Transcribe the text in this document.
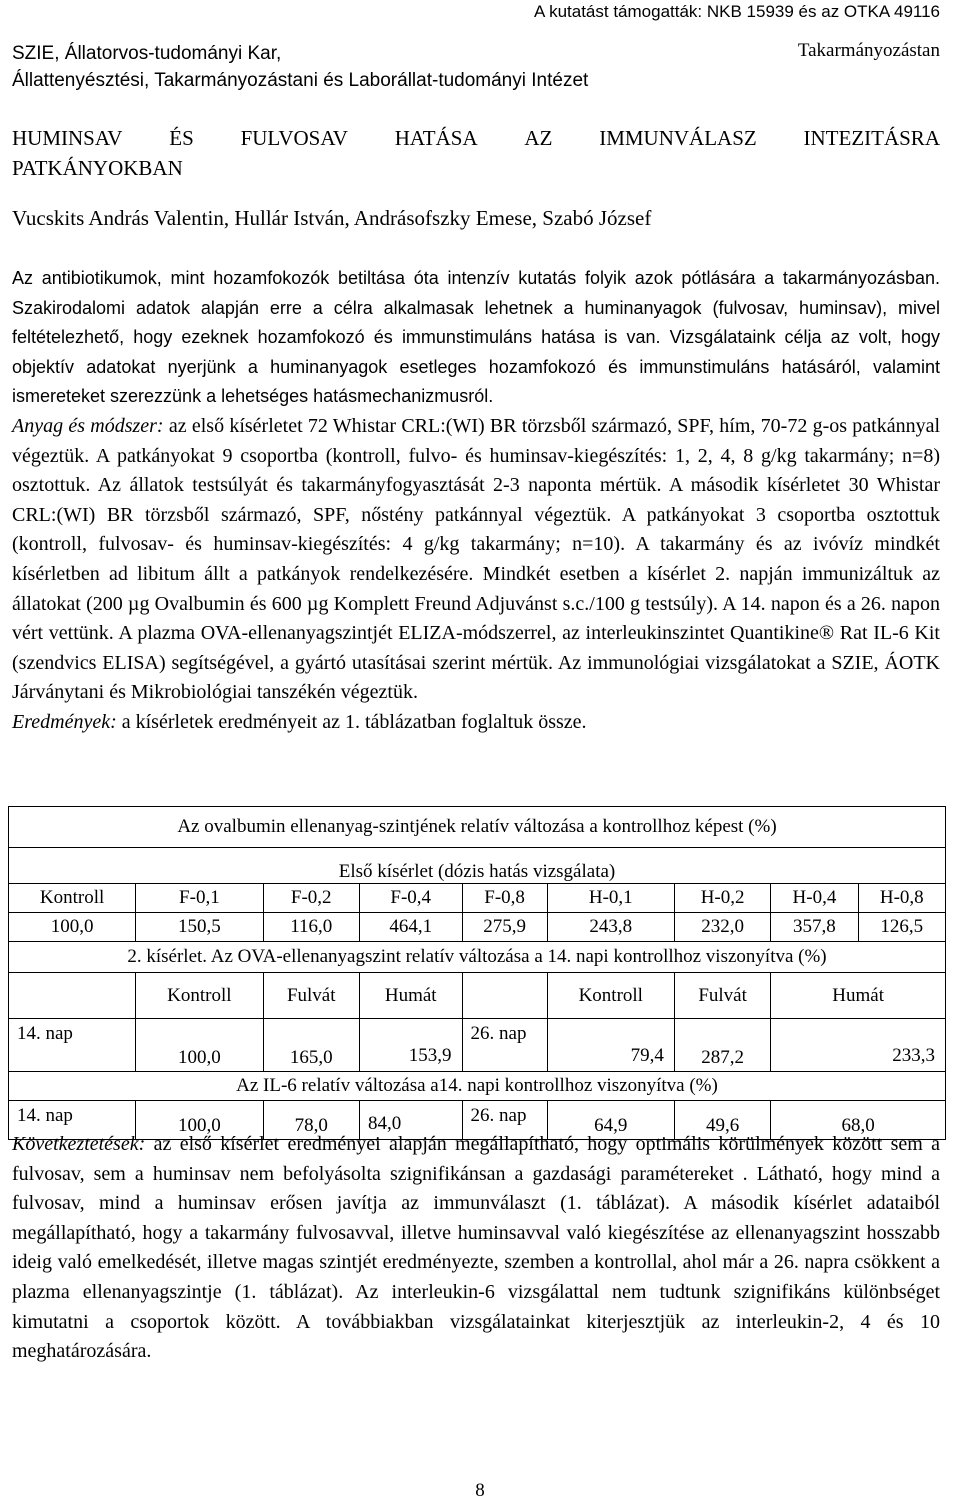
A kutatást támogatták: NKB 15939 és az OTKA 49116
SZIE, Állatorvos-tudományi Kar,
Állattenyésztési, Takarmányozástani és Laborállat-tudományi Intézet
Takarmányozástan
HUMINSAV ÉS FULVOSAV HATÁSA AZ IMMUNVÁLASZ INTEZITÁSRA
PATKÁNYOKBAN
Vucskits András Valentin, Hullár István, Andrásofszky Emese, Szabó József
Az antibiotikumok, mint hozamfokozók betiltása óta intenzív kutatás folyik azok pótlására a takarmányozásban. Szakirodalomi adatok alapján erre a célra alkalmasak lehetnek a huminanyagok (fulvosav, huminsav), mivel feltételezhető, hogy ezeknek hozamfokozó és immunstimuláns hatása is van. Vizsgálataink célja az volt, hogy objektív adatokat nyerjünk a huminanyagok esetleges hozamfokozó és immunstimuláns hatásáról, valamint ismereteket szerezzünk a lehetséges hatásmechanizmusról.
Anyag és módszer: az első kísérletet 72 Whistar CRL:(WI) BR törzsből származó, SPF, hím, 70-72 g-os patkánnyal végeztük. A patkányokat 9 csoportba (kontroll, fulvo- és huminsav-kiegészítés: 1, 2, 4, 8 g/kg takarmány; n=8) osztottuk. Az állatok testsúlyát és takarmányfogyasztását 2-3 naponta mértük. A második kísérletet 30 Whistar CRL:(WI) BR törzsből származó, SPF, nőstény patkánnyal végeztük. A patkányokat 3 csoportba osztottuk (kontroll, fulvosav- és huminsav-kiegészítés: 4 g/kg takarmány; n=10). A takarmány és az ivóvíz mindkét kísérletben ad libitum állt a patkányok rendelkezésére. Mindkét esetben a kísérlet 2. napján immunizáltuk az állatokat (200 µg Ovalbumin és 600 µg Komplett Freund Adjuvánst s.c./100 g testsúly). A 14. napon és a 26. napon vért vettünk. A plazma OVA-ellenanyagszintjét ELIZA-módszerrel, az interleukinszintet Quantikine® Rat IL-6 Kit (szendvics ELISA) segítségével, a gyártó utasításai szerint mértük. Az immunológiai vizsgálatokat a SZIE, ÁOTK Járványtani és Mikrobiológiai tanszékén végeztük.
Eredmények: a kísérletek eredményeit az 1. táblázatban foglaltuk össze.
Az ovalbumin ellenanyag-szintjének relatív változása a kontrollhoz képest (%)								
Első kísérlet (dózis hatás vizsgálata)								
Kontroll	F-0,1	F-0,2	F-0,4	F-0,8	H-0,1	H-0,2	H-0,4	H-0,8
100,0	150,5	116,0	464,1	275,9	243,8	232,0	357,8	126,5
2. kísérlet. Az OVA-ellenanyagszint relatív változása a 14. napi kontrollhoz viszonyítva (%)								
	Kontroll	Fulvát	Humát		Kontroll	Fulvát	Humát	

14. nap	100,0	165,0	153,9	26. nap	79,4	287,2	233,3	

Az IL-6 relatív változása a14. napi kontrollhoz viszonyítva (%)								

14. nap	100,0	78,0	84,0	26. nap	64,9	49,6	68,0	
Következtetések: az első kísérlet eredményei alapján megállapítható, hogy optimális körülmények között sem a fulvosav, sem a huminsav nem befolyásolta szignifikánsan a gazdasági paramétereket . Látható, hogy mind a fulvosav, mind a huminsav erősen javítja az immunválaszt (1. táblázat). A második kísérlet adataiból megállapítható, hogy a takarmány fulvosavval, illetve huminsavval való kiegészítése az ellenanyagszint hosszabb ideig való emelkedését, illetve magas szintjét eredményezte, szemben a kontrollal, ahol már a 26. napra csökkent a plazma ellenanyagszintje (1. táblázat). Az interleukin-6 vizsgálattal nem tudtunk szignifikáns különbséget kimutatni a csoportok között. A továbbiakban vizsgálatainkat kiterjesztjük az interleukin-2, 4 és 10 meghatározására.
8
